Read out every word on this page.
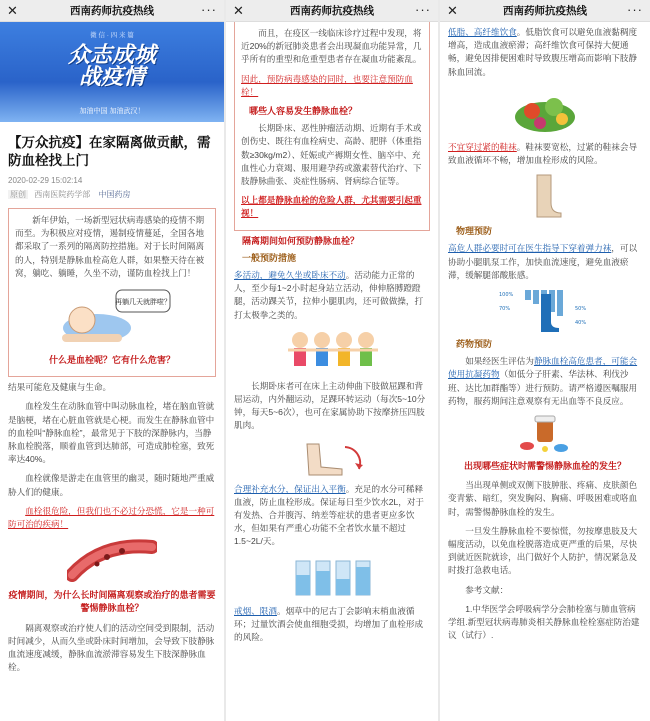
✕	西南药师抗疫热线	···
微 信 · 四 来 篇
众志成城
战疫情
加油中国 加油武汉！
【万众抗疫】在家隔离做贡献，需防血栓找上门
2020-02-29 15:02:14
原创 西南医院药学部 中国药房

新年伊始，一场新型冠状病毒感染的疫情不期而至。为积极应对疫情，遏制疫情蔓延，全国各地都采取了一系列的隔离防控措施。对于长时间隔离的人，特别是静脉血栓高危人群，如果整天待在被窝，躺吃、躺睡，久坐不动，谨防血栓找上门！

再躺几天就胖啦？
什么是血栓呢？它有什么危害？

结果可能危及健康与生命。

血栓发生在动脉血管中叫动脉血栓，堵在脑血管就是脑梗，堵在心脏血管就是心梗。而发生在静脉血管中的血栓叫“静脉血栓”，最常见于下肢的深静脉内，当静脉血栓脱落，顺着血管到达肺部，可造成肺栓塞，致死率达40%。

血栓就像是游走在血管里的幽灵，随时随地严重威胁人们的健康。

血栓很危险，但我们也不必过分恐慌，它是一种可防可治的疾病！

疫情期间，为什么长时间隔离观察或治疗的患者需要警惕静脉血栓？

隔离观察或治疗使人们的活动空间受到限制，活动时间减少，从而久坐或卧床时间增加，会导致下肢静脉血流速度减缓，静脉血流淤滞容易发生下肢深静脉血栓。

✕	西南药师抗疫热线	···

而且，在疫区一线临床诊疗过程中发现，将近20%的新冠肺炎患者会出现凝血功能异常，几乎所有的重型和危重型患者存在凝血功能紊乱。

因此，预防病毒感染的同时，也要注意预防血栓！

哪些人容易发生静脉血栓？

长期卧床、恶性肿瘤活动期、近期有手术或创伤史、既往有血栓病史、高龄、肥胖（体重指数≥30kg/m2）、妊娠或产褥期女性、脑卒中、充血性心力衰竭、服用避孕药或激素替代治疗、下肢静脉曲张、炎症性肠病、肾病综合征等。

以上都是静脉血栓的危险人群，尤其需要引起重视！

隔离期间如何预防静脉血栓？
一般预防措施

多活动，避免久坐或卧床不动。活动能力正常的人，至少每1~2小时起身站立活动，伸伸胳膊蹬蹬腿，活动踝关节，拉伸小腿肌肉，还可做做操，打打太极拳之类的。

长期卧床者可在床上主动伸曲下肢做屈踝和背屈运动，内外翻运动，足踝环转运动（每次5~10分钟，每天5~6次），也可在家属协助下按摩挤压四肢肌肉。

合理补充水分，保证出入平衡。充足的水分可稀释血液，防止血栓形成。保证每日至少饮水2L，对于有发热、合并腹泻、纳差等症状的患者更应多饮水，但如果有严重心功能不全者饮水量不超过1.5~2L/天。

戒烟、限酒。烟草中的尼古丁会影响末梢血液循环；过量饮酒会使血细胞受损，均增加了血栓形成的风险。

✕	西南药师抗疫热线	···

低脂、高纤维饮食。低脂饮食可以避免血液黏稠度增高，造成血液瘀滞；高纤维饮食可保持大便通畅，避免因排便困难时导致腹压增高而影响下肢静脉血回流。

不宜穿过紧的鞋袜。鞋袜要宽松，过紧的鞋袜会导致血液循环不畅，增加血栓形成的风险。

物理预防

高危人群必要时可在医生指导下穿着弹力袜，可以协助小腿肌泵工作，加快血流速度，避免血液瘀滞，缓解腿部酸胀感。

100%
70%	50%
40%
药物预防

如果经医生评估为静脉血栓高危患者，可能会使用抗凝药物（如低分子肝素、华法林、利伐沙班、达比加群酯等）进行预防。请严格遵医嘱服用药物，服药期间注意观察有无出血等不良反应。

出现哪些症状时需警惕静脉血栓的发生？

当出现单侧或双侧下肢肿胀、疼痛、皮肤颜色变青紫、暗红，突发胸闷、胸痛、呼吸困难或咯血时，需警惕静脉血栓的发生。

一旦发生静脉血栓不要惊慌，勿按摩患肢及大幅度活动，以免血栓脱落造成更严重的后果，尽快到就近医院就诊，出门做好个人防护，情况紧急及时拨打急救电话。

参考文献：

1.中华医学会呼吸病学分会肺栓塞与肺血管病学组.新型冠状病毒肺炎相关静脉血栓栓塞症防治建议（试行）.
